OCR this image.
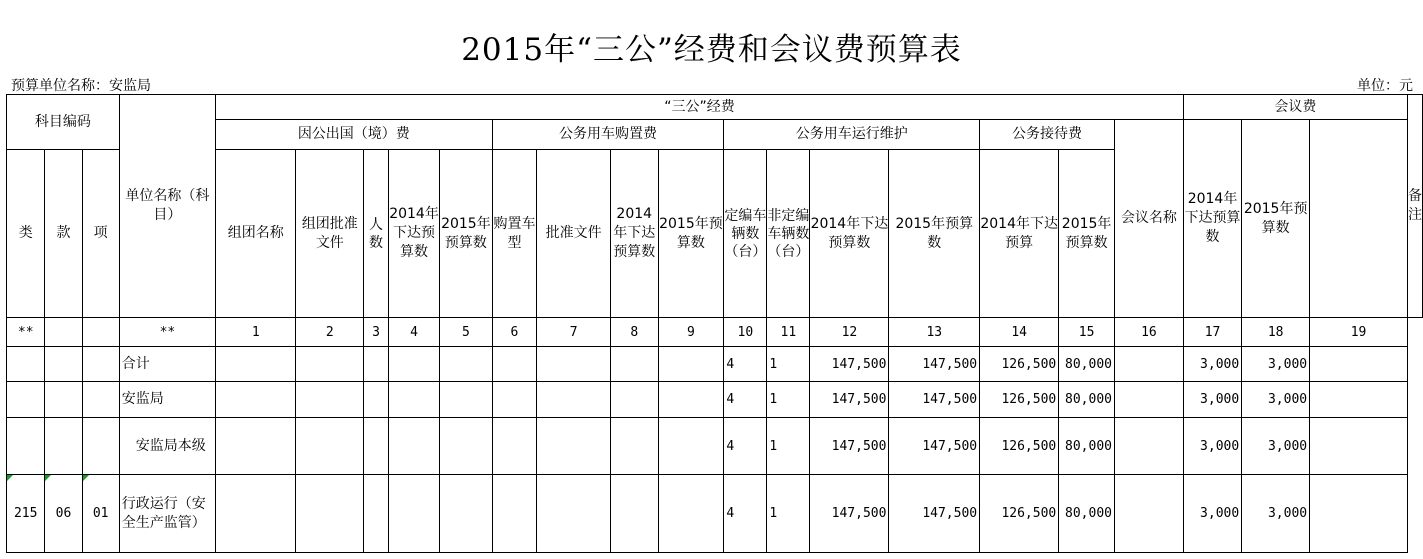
2015年“三公”经费和会议费预算表
预算单位名称：安监局	单位：元
科目编码			单位名称（科目）	“三公”经费																会议费			备注
				因公出国（境）费					公务用车购置费				公务用车运行维护				公务接待费		会议名称	2014年下达预算数	2015年预算数		
类	款	项		组团名称	组团批准文件	人数	2014年下达预算数	2015年预算数	购置车型	批准文件	2014年下达预算数	2015年预算数	定编车辆数（台）	非定编车辆数（台）	2014年下达预算数	2015年预算数	2014年下达预算	2015年预算数					
**			**	1	2	3	4	5	6	7	8	9	10	11	12	13	14	15	16	17	18	19	
			合计										4	1	147,500	147,500	126,500	80,000		3,000	3,000		
			安监局										4	1	147,500	147,500	126,500	80,000		3,000	3,000		
			安监局本级										4	1	147,500	147,500	126,500	80,000		3,000	3,000		
215	06	01	行政运行（安全生产监管）										4	1	147,500	147,500	126,500	80,000		3,000	3,000		
